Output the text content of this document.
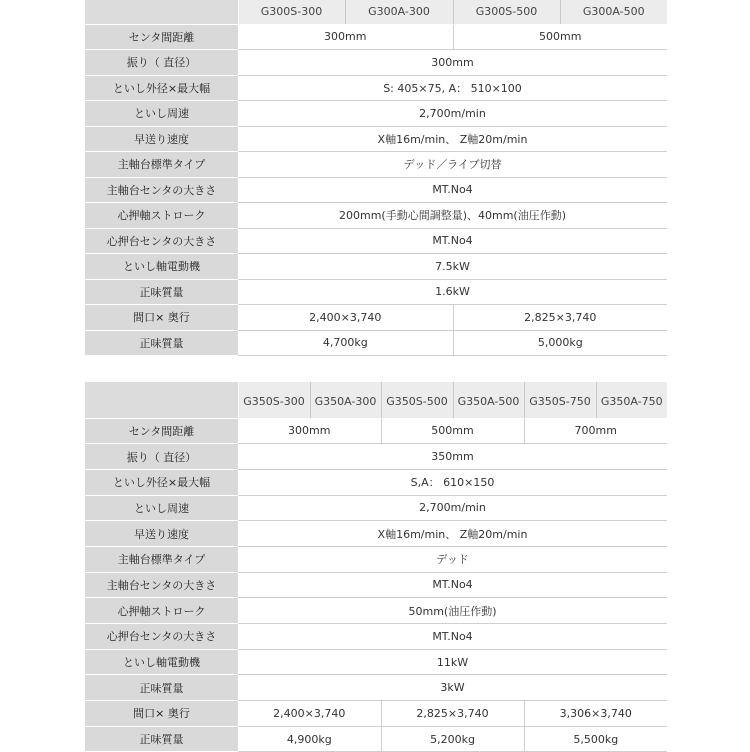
	G300S-300	G300A-300	G300S-500	G300A-500
センタ間距離	300mm		500mm	
振り（ 直径）	300mm			
といし外径×最大幅	S: 405×75, A： 510×100			
といし周速	2,700m/min			
早送り速度	X軸16m/min、 Z軸20m/min			
主軸台標準タイプ	デッド／ライブ切替			
主軸台センタの大きさ	MT.No4			
心押軸ストローク	200mm(手動心間調整量)、40mm(油圧作動)			
心押台センタの大きさ	MT.No4			
といし軸電動機	7.5kW			
正味質量	1.6kW			
間口× 奥行	2,400×3,740		2,825×3,740	
正味質量	4,700kg		5,000kg	
	G350S-300	G350A-300	G350S-500	G350A-500	G350S-750	G350A-750
センタ間距離	300mm		500mm		700mm	
振り（ 直径）	350mm					
といし外径×最大幅	S,A： 610×150					
といし周速	2,700m/min					
早送り速度	X軸16m/min、 Z軸20m/min					
主軸台標準タイプ	デッド					
主軸台センタの大きさ	MT.No4					
心押軸ストローク	50mm(油圧作動)					
心押台センタの大きさ	MT.No4					
といし軸電動機	11kW					
正味質量	3kW					
間口× 奥行	2,400×3,740		2,825×3,740		3,306×3,740	
正味質量	4,900kg		5,200kg		5,500kg	
